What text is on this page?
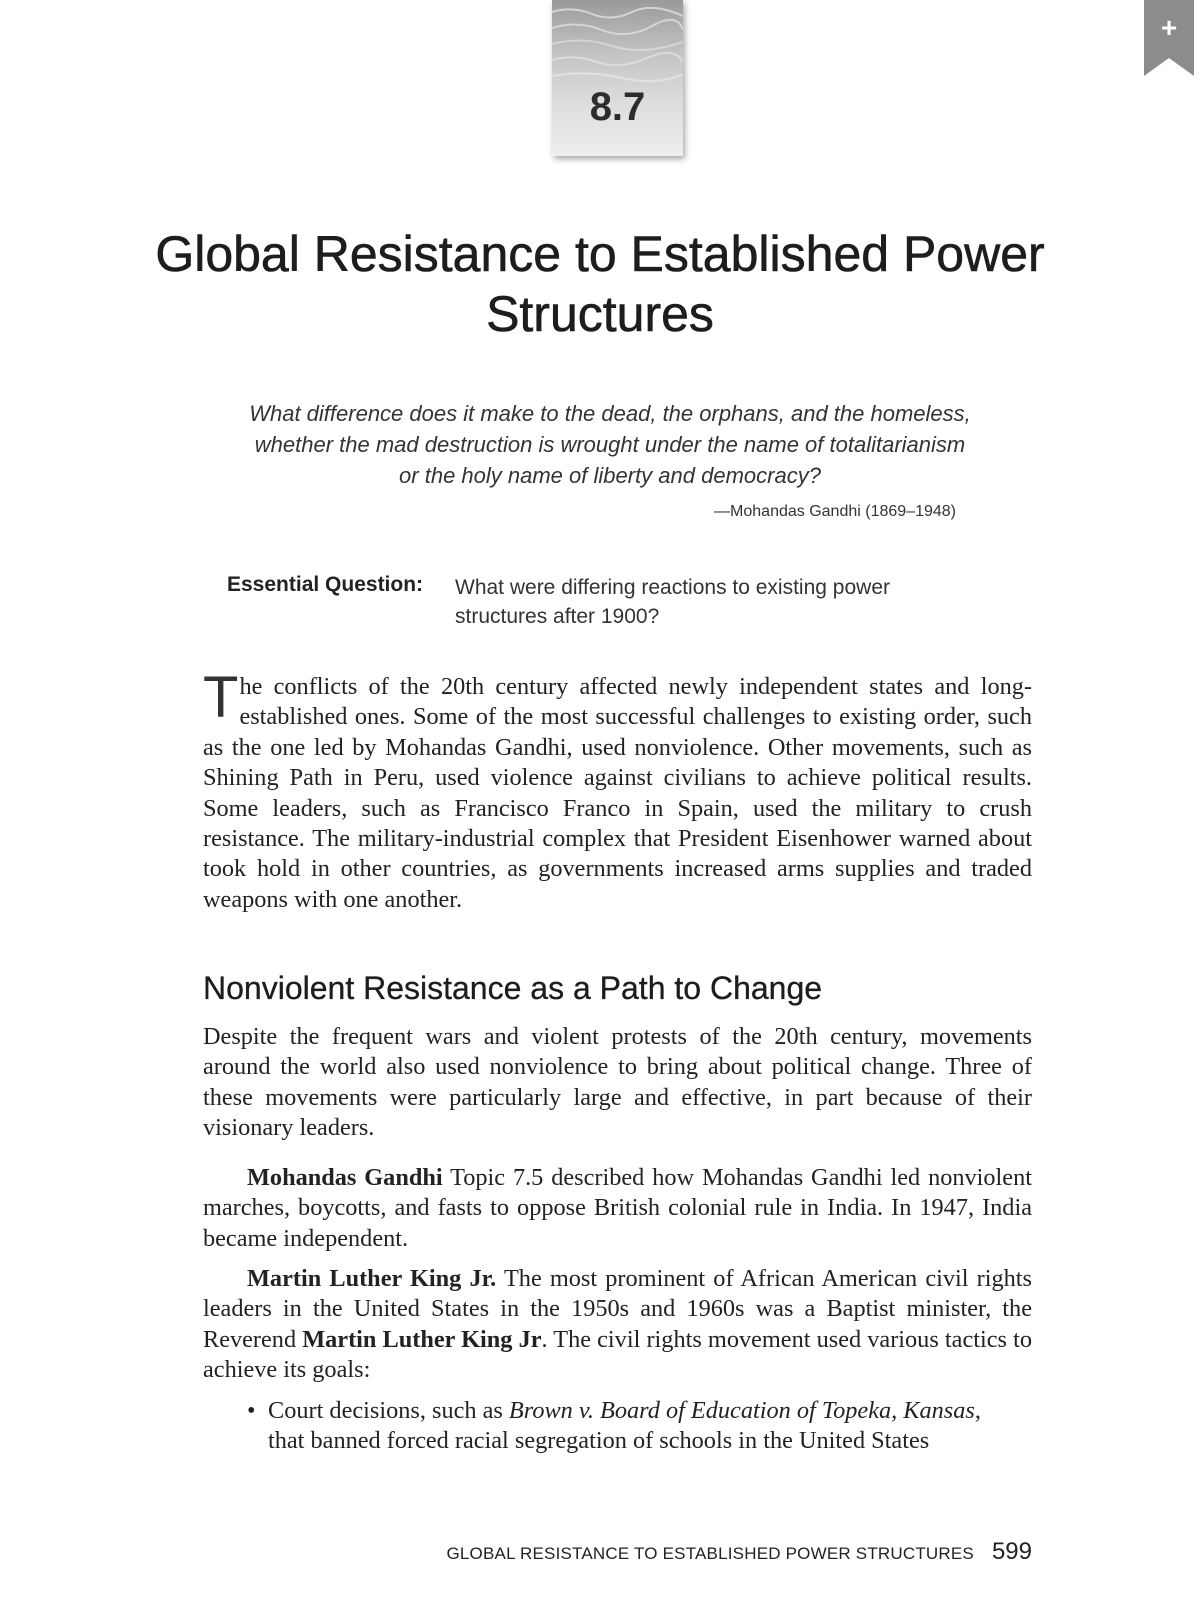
8.7
+
Global Resistance to Established Power Structures
What difference does it make to the dead, the orphans, and the homeless,
whether the mad destruction is wrought under the name of totalitarianism
or the holy name of liberty and democracy?
—Mohandas Gandhi (1869–1948)
Essential Question: What were differing reactions to existing power structures after 1900?

The conflicts of the 20th century affected newly independent states and long-established ones. Some of the most successful challenges to existing order, such as the one led by Mohandas Gandhi, used nonviolence. Other movements, such as Shining Path in Peru, used violence against civilians to achieve political results. Some leaders, such as Francisco Franco in Spain, used the military to crush resistance. The military-industrial complex that President Eisenhower warned about took hold in other countries, as governments increased arms supplies and traded weapons with one another.

Nonviolent Resistance as a Path to Change

Despite the frequent wars and violent protests of the 20th century, movements around the world also used nonviolence to bring about political change. Three of these movements were particularly large and effective, in part because of their visionary leaders.

Mohandas Gandhi Topic 7.5 described how Mohandas Gandhi led nonviolent marches, boycotts, and fasts to oppose British colonial rule in India. In 1947, India became independent.

Martin Luther King Jr. The most prominent of African American civil rights leaders in the United States in the 1950s and 1960s was a Baptist minister, the Reverend Martin Luther King Jr. The civil rights movement used various tactics to achieve its goals:

• Court decisions, such as Brown v. Board of Education of Topeka, Kansas, that banned forced racial segregation of schools in the United States
GLOBAL RESISTANCE TO ESTABLISHED POWER STRUCTURES 599
